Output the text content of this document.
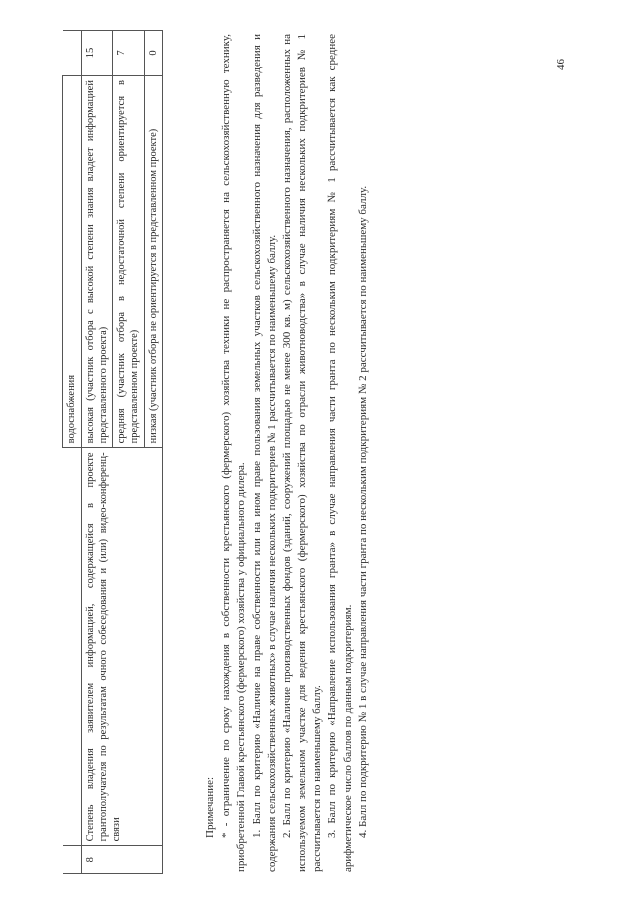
		водоснабжения	
8	Степень владения заявителем информацией, содержащейся в проекте грантополучателя по результатам очного собеседования и (или) видео-конференц-связи	высокая (участник отбора с высокой степени знания владеет информацией представленного проекта)	15
		средняя (участник отбора в недостаточной степени ориентируется в представленном проекте)	7
		низкая (участник отбора не ориентируется в представленном проекте)	0

Примечание: * - ограничение по сроку нахождения в собственности крестьянского (фермерского) хозяйства техники не распространяется на сельскохозяйственную технику, приобретенной Главой крестьянского (фермерского) хозяйства у официального дилера. 1. Балл по критерию «Наличие на праве собственности или на ином праве пользования земельных участков сельскохозяйственного назначения для разведения и содержания сельскохозяйственных животных» в случае наличия нескольких подкритериев № 1 рассчитывается по наименьшему баллу. 2. Балл по критерию «Наличие производственных фондов (зданий, сооружений площадью не менее 300 кв. м) сельскохозяйственного назначения, расположенных на используемом земельном участке для ведения крестьянского (фермерского) хозяйства по отрасли животноводства» в случае наличия нескольких подкритериев № 1 рассчитывается по наименьшему баллу. 3. Балл по критерию «Направление использования гранта» в случае направления части гранта по нескольким подкритериям № 1 рассчитывается как среднее арифметическое число баллов по данным подкритериям. 4. Балл по подкритерию № 1 в случае направления части гранта по нескольким подкритериям № 2 рассчитывается по наименьшему баллу.

46
